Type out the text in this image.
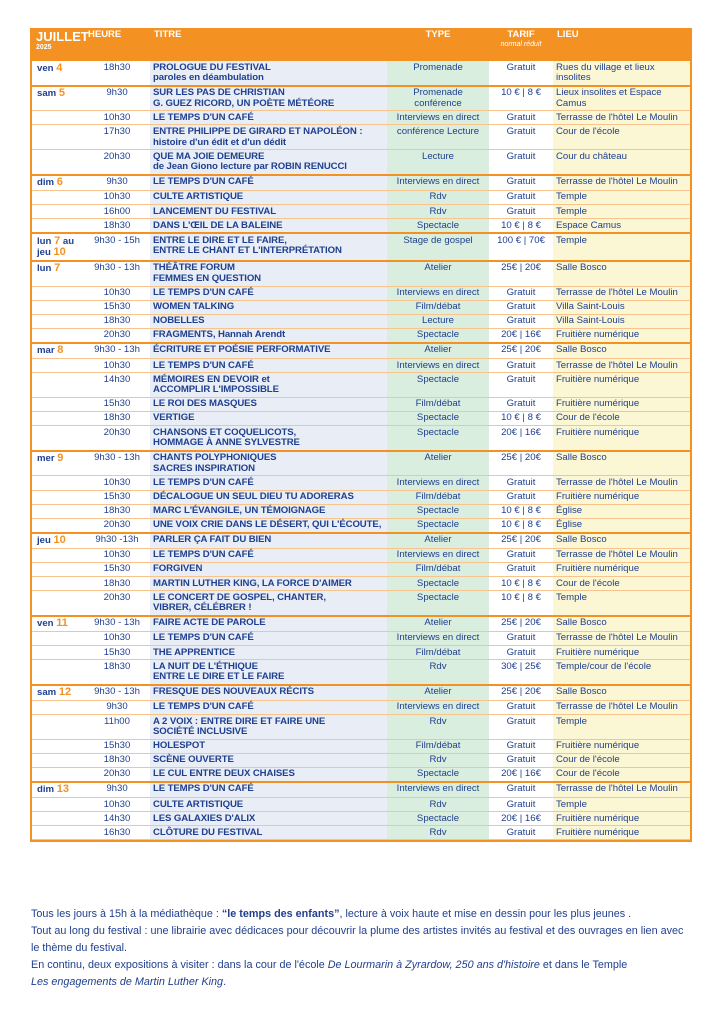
JUILLET
2025	HEURE	TITRE	TYPE	TARIF
normal réduit	LIEU
ven 4	18h30	PROLOGUE DU FESTIVAL
paroles en déambulation	Promenade	Gratuit	Rues du village et lieux insolites
sam 5	9h30	SUR LES PAS DE CHRISTIAN
G. GUEZ RICORD, UN POÈTE MÉTÉORE	Promenade conférence	10 € | 8 €	Lieux insolites et Espace Camus
	10h30	LE TEMPS D'UN CAFÉ	Interviews en direct	Gratuit	Terrasse de l'hôtel Le Moulin
	17h30	ENTRE PHILIPPE DE GIRARD ET NAPOLÉON :
histoire d'un édit et d'un dédit	conférence Lecture	Gratuit	Cour de l'école
	20h30	QUE MA JOIE DEMEURE
de Jean Giono lecture par ROBIN RENUCCI	Lecture	Gratuit	Cour du château
dim 6	9h30	LE TEMPS D'UN CAFÉ	Interviews en direct	Gratuit	Terrasse de l'hôtel Le Moulin
	10h30	CULTE ARTISTIQUE	Rdv	Gratuit	Temple
	16h00	LANCEMENT DU FESTIVAL	Rdv	Gratuit	Temple
	18h30	DANS L'ŒIL DE LA BALEINE	Spectacle	10 € | 8 €	Espace Camus
lun 7 au jeu 10	9h30 - 15h	ENTRE LE DIRE ET LE FAIRE,
ENTRE LE CHANT ET L'INTERPRÉTATION	Stage de gospel	100 € | 70€	Temple
lun 7	9h30 - 13h	THÉÂTRE FORUM
FEMMES EN QUESTION	Atelier	25€ | 20€	Salle Bosco
	10h30	LE TEMPS D'UN CAFÉ	Interviews en direct	Gratuit	Terrasse de l'hôtel Le Moulin
	15h30	WOMEN TALKING	Film/débat	Gratuit	Villa Saint-Louis
	18h30	NOBELLES	Lecture	Gratuit	Villa Saint-Louis
	20h30	FRAGMENTS, Hannah Arendt	Spectacle	20€ | 16€	Fruitière numérique
mar 8	9h30 - 13h	ÉCRITURE ET POÉSIE PERFORMATIVE	Atelier	25€ | 20€	Salle Bosco
	10h30	LE TEMPS D'UN CAFÉ	Interviews en direct	Gratuit	Terrasse de l'hôtel Le Moulin
	14h30	MÉMOIRES EN DEVOIR et
ACCOMPLIR L'IMPOSSIBLE	Spectacle	Gratuit	Fruitière numérique
	15h30	LE ROI DES MASQUES	Film/débat	Gratuit	Fruitière numérique
	18h30	VERTIGE	Spectacle	10 € | 8 €	Cour de l'école
	20h30	CHANSONS ET COQUELICOTS,
HOMMAGE À ANNE SYLVESTRE	Spectacle	20€ | 16€	Fruitière numérique
mer 9	9h30 - 13h	CHANTS POLYPHONIQUES
SACRES INSPIRATION	Atelier	25€ | 20€	Salle Bosco
	10h30	LE TEMPS D'UN CAFÉ	Interviews en direct	Gratuit	Terrasse de l'hôtel Le Moulin
	15h30	DÉCALOGUE UN SEUL DIEU TU ADORERAS	Film/débat	Gratuit	Fruitière numérique
	18h30	MARC L'ÉVANGILE, UN TÉMOIGNAGE	Spectacle	10 € | 8 €	Église
	20h30	UNE VOIX CRIE DANS LE DÉSERT, QUI L'ÉCOUTE,	Spectacle	10 € | 8 €	Église
jeu 10	9h30 -13h	PARLER ÇA FAIT DU BIEN	Atelier	25€ | 20€	Salle Bosco
	10h30	LE TEMPS D'UN CAFÉ	Interviews en direct	Gratuit	Terrasse de l'hôtel Le Moulin
	15h30	FORGIVEN	Film/débat	Gratuit	Fruitière numérique
	18h30	MARTIN LUTHER KING, LA FORCE D'AIMER	Spectacle	10 € | 8 €	Cour de l'école
	20h30	LE CONCERT DE GOSPEL, CHANTER,
VIBRER, CÉLÉBRER !	Spectacle	10 € | 8 €	Temple
ven 11	9h30 - 13h	FAIRE ACTE DE PAROLE	Atelier	25€ | 20€	Salle Bosco
	10h30	LE TEMPS D'UN CAFÉ	Interviews en direct	Gratuit	Terrasse de l'hôtel Le Moulin
	15h30	THE APPRENTICE	Film/débat	Gratuit	Fruitière numérique
	18h30	LA NUIT DE L'ÉTHIQUE
ENTRE LE DIRE ET LE FAIRE	Rdv	30€ | 25€	Temple/cour de l'école
sam 12	9h30 - 13h	FRESQUE DES NOUVEAUX RÉCITS	Atelier	25€ | 20€	Salle Bosco
	9h30	LE TEMPS D'UN CAFÉ	Interviews en direct	Gratuit	Terrasse de l'hôtel Le Moulin
	11h00	A 2 VOIX : ENTRE DIRE ET FAIRE UNE
SOCIÉTÉ INCLUSIVE	Rdv	Gratuit	Temple
	15h30	HOLESPOT	Film/débat	Gratuit	Fruitière numérique
	18h30	SCÈNE OUVERTE	Rdv	Gratuit	Cour de l'école
	20h30	LE CUL ENTRE DEUX CHAISES	Spectacle	20€ | 16€	Cour de l'école
dim 13	9h30	LE TEMPS D'UN CAFÉ	Interviews en direct	Gratuit	Terrasse de l'hôtel Le Moulin
	10h30	CULTE ARTISTIQUE	Rdv	Gratuit	Temple
	14h30	LES GALAXIES D'ALIX	Spectacle	20€ | 16€	Fruitière numérique
	16h30	CLÔTURE DU FESTIVAL	Rdv	Gratuit	Fruitière numérique

Tous les jours à 15h à la médiathèque : “le temps des enfants”, lecture à voix haute et mise en dessin pour les plus jeunes .

Tout au long du festival : une librairie avec dédicaces pour découvrir la plume des artistes invités au festival et des ouvrages en lien avec le thème du festival.

En continu, deux expositions à visiter : dans la cour de l'école De Lourmarin à Zyrardow, 250 ans d'histoire et dans le Temple
Les engagements de Martin Luther King.
